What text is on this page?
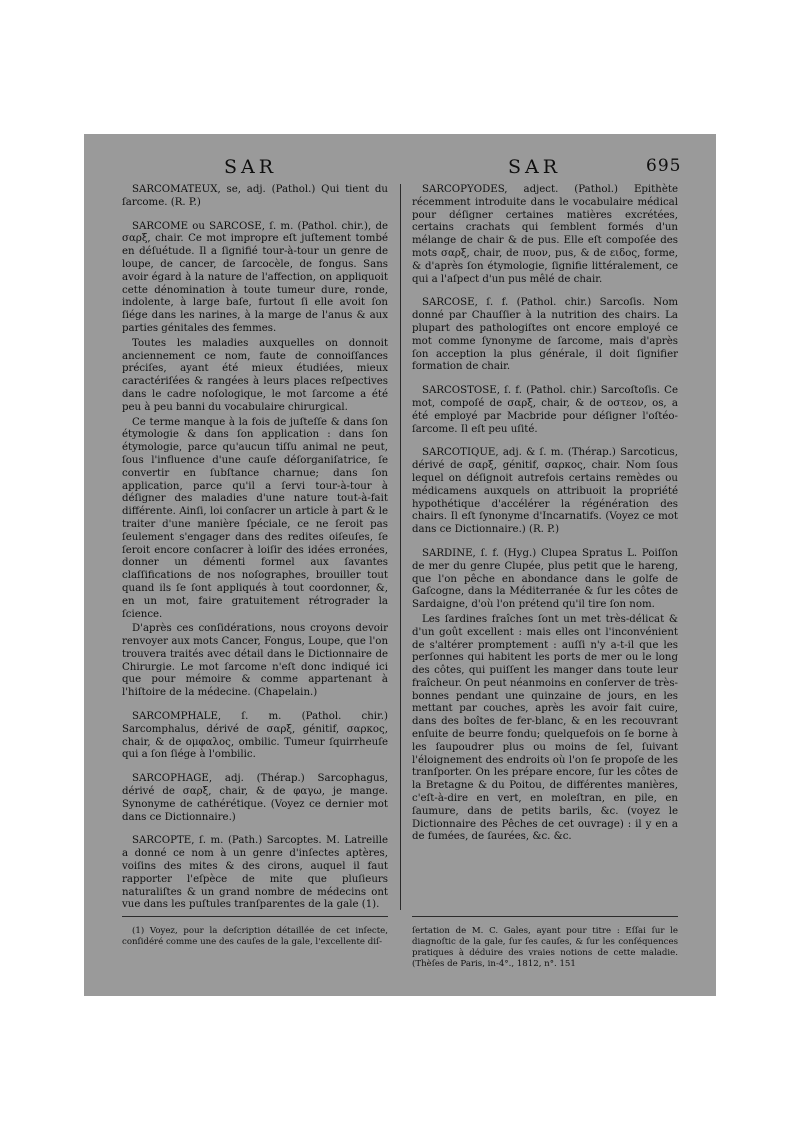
SAR	SAR	695

SARCOMATEUX, se, adj. (Pathol.) Qui tient du ſarcome. (R. P.)

SARCOME ou SARCOSE, ſ. m. (Pathol. chir.), de σαρξ, chair. Ce mot impropre eſt juſtement tombé en déſuétude. Il a ſignifié tour-à-tour un genre de loupe, de cancer, de ſarcocèle, de fongus. Sans avoir égard à la nature de l'affection, on appliquoit cette dénomination à toute tumeur dure, ronde, indolente, à large baſe, furtout ſi elle avoit ſon ſiége dans les narines, à la marge de l'anus & aux parties génitales des femmes.

Toutes les maladies auxquelles on donnoit anciennement ce nom, faute de connoiſſances préciſes, ayant été mieux étudiées, mieux caractériſées & rangées à leurs places reſpectives dans le cadre noſologique, le mot ſarcome a été peu à peu banni du vocabulaire chirurgical.

Ce terme manque à la fois de juſteſſe & dans ſon étymologie & dans ſon application : dans ſon étymologie, parce qu'aucun tiſſu animal ne peut, ſous l'influence d'une cauſe déſorganiſatrice, ſe convertir en ſubſtance charnue; dans ſon application, parce qu'il a ſervi tour-à-tour à déſigner des maladies d'une nature tout-à-fait différente. Ainſi, loi conſacrer un article à part & le traiter d'une manière ſpéciale, ce ne ſeroit pas ſeulement s'engager dans des redites oiſeuſes, ſe ſeroit encore conſacrer à loiſir des idées erronées, donner un démenti formel aux ſavantes claſſifications de nos noſographes, brouiller tout quand ils ſe ſont appliqués à tout coordonner, &, en un mot, faire gratuitement rétrograder la ſcience.

D'après ces conſidérations, nous croyons devoir renvoyer aux mots Cancer, Fongus, Loupe, que l'on trouvera traités avec détail dans le Dictionnaire de Chirurgie. Le mot ſarcome n'eſt donc indiqué ici que pour mémoire & comme appartenant à l'hiſtoire de la médecine. (Chapelain.)

SARCOMPHALE, ſ. m. (Pathol. chir.) Sarcomphalus, dérivé de σαρξ, génitif, σαρκος, chair, & de ομφαλος, ombilic. Tumeur ſquirrheuſe qui a ſon ſiége à l'ombilic.

SARCOPHAGE, adj. (Thérap.) Sarcophagus, dérivé de σαρξ, chair, & de φαγω, je mange. Synonyme de cathérétique. (Voyez ce dernier mot dans ce Dictionnaire.)

SARCOPTE, ſ. m. (Path.) Sarcoptes. M. Latreille a donné ce nom à un genre d'inſectes aptères, voiſins des mites & des cirons, auquel il faut rapporter l'eſpèce de mite que pluſieurs naturaliſtes & un grand nombre de médecins ont vue dans les puſtules tranſparentes de la gale (1).

SARCOPYODES, adject. (Pathol.) Epithète récemment introduite dans le vocabulaire médical pour déſigner certaines matières excrétées, certains crachats qui ſemblent formés d'un mélange de chair & de pus. Elle eſt compoſée des mots σαρξ, chair, de πυον, pus, & de ειδος, forme, & d'après ſon étymologie, ſignifie littéralement, ce qui a l'aſpect d'un pus mêlé de chair.

SARCOSE, ſ. f. (Pathol. chir.) Sarcoſis. Nom donné par Chauſſier à la nutrition des chairs. La plupart des pathologiſtes ont encore employé ce mot comme ſynonyme de ſarcome, mais d'après ſon acception la plus générale, il doit ſignifier formation de chair.

SARCOSTOSE, ſ. f. (Pathol. chir.) Sarcoſtoſis. Ce mot, compoſé de σαρξ, chair, & de οστεον, os, a été employé par Macbride pour déſigner l'oſtéo-ſarcome. Il eſt peu uſité.

SARCOTIQUE, adj. & ſ. m. (Thérap.) Sarcoticus, dérivé de σαρξ, génitif, σαρκος, chair. Nom ſous lequel on déſignoit autrefois certains remèdes ou médicamens auxquels on attribuoit la propriété hypothétique d'accélérer la régénération des chairs. Il eſt ſynonyme d'Incarnatifs. (Voyez ce mot dans ce Dictionnaire.) (R. P.)

SARDINE, ſ. f. (Hyg.) Clupea Spratus L. Poiſſon de mer du genre Clupée, plus petit que le hareng, que l'on pêche en abondance dans le golfe de Gaſcogne, dans la Méditerranée & ſur les côtes de Sardaigne, d'où l'on prétend qu'il tire ſon nom.

Les ſardines fraîches ſont un met très-délicat & d'un goût excellent : mais elles ont l'inconvénient de s'altérer promptement : auſſi n'y a-t-il que les perſonnes qui habitent les ports de mer ou le long des côtes, qui puiſſent les manger dans toute leur fraîcheur. On peut néanmoins en conſerver de très-bonnes pendant une quinzaine de jours, en les mettant par couches, après les avoir fait cuire, dans des boîtes de fer-blanc, & en les recouvrant enſuite de beurre fondu; quelquefois on ſe borne à les ſaupoudrer plus ou moins de ſel, ſuivant l'éloignement des endroits où l'on ſe propoſe de les tranſporter. On les prépare encore, ſur les côtes de la Bretagne & du Poitou, de différentes manières, c'eſt-à-dire en vert, en moleſtran, en pile, en ſaumure, dans de petits barils, &c. (voyez le Dictionnaire des Pêches de cet ouvrage) : il y en a de fumées, de ſaurées, &c. &c.

(1) Voyez, pour la deſcription détaillée de cet inſecte, conſidéré comme une des cauſes de la gale, l'excellente diſ-
ſertation de M. C. Gales, ayant pour titre : Eſſai ſur le diagnoſtic de la gale, ſur ſes cauſes, & ſur les conſéquences pratiques à déduire des vraies notions de cette maladie. (Thèſes de Paris, in-4°., 1812, n°. 151
